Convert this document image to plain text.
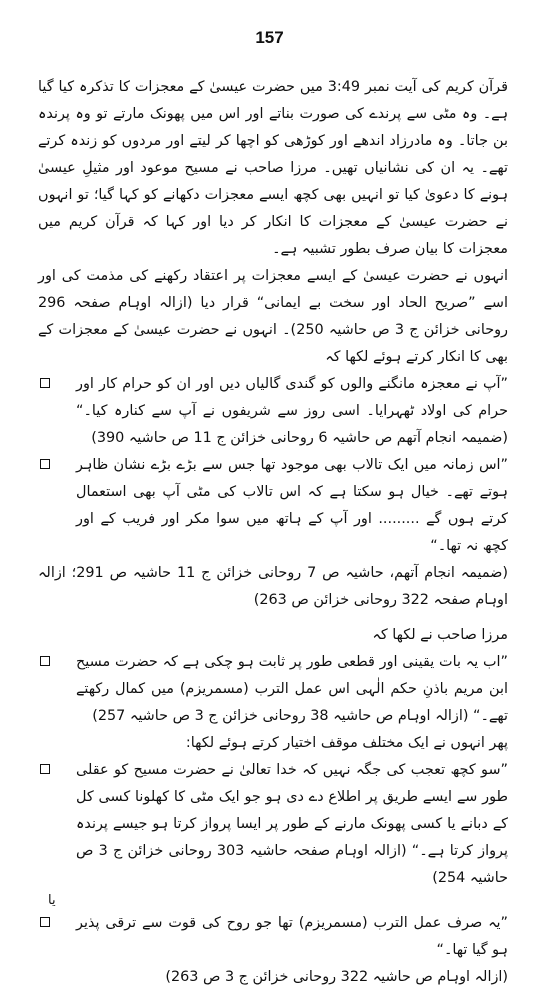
157

قرآن کریم کی آیت نمبر 3:49 میں حضرت عیسیٰ کے معجزات کا تذکرہ کیا گیا ہے۔ وہ مٹی سے پرندے کی صورت بناتے اور اس میں پھونک مارتے تو وہ پرندہ بن جاتا۔ وہ مادرزاد اندھے اور کوڑھی کو اچھا کر لیتے اور مردوں کو زندہ کرتے تھے۔ یہ ان کی نشانیاں تھیں۔ مرزا صاحب نے مسیح موعود اور مثیلِ عیسیٰ ہونے کا دعویٰ کیا تو انہیں بھی کچھ ایسے معجزات دکھانے کو کہا گیا؛ تو انہوں نے حضرت عیسیٰ کے معجزات کا انکار کر دیا اور کہا کہ قرآن کریم میں معجزات کا بیان صرف بطور تشبیہ ہے۔

انہوں نے حضرت عیسیٰ کے ایسے معجزات پر اعتقاد رکھنے کی مذمت کی اور اسے ”صریح الحاد اور سخت بے ایمانی“ قرار دیا (ازالہ اوہام صفحہ 296 روحانی خزائن ج 3 ص حاشیہ 250)۔ انہوں نے حضرت عیسیٰ کے معجزات کے بھی کا انکار کرتے ہوئے لکھا کہ

”آپ نے معجزہ مانگنے والوں کو گندی گالیاں دیں اور ان کو حرام کار اور حرام کی اولاد ٹھہرایا۔ اسی روز سے شریفوں نے آپ سے کنارہ کیا۔“ (ضمیمہ انجام آتھم ص حاشیہ 6 روحانی خزائن ج 11 ص حاشیہ 390)
”اس زمانہ میں ایک تالاب بھی موجود تھا جس سے بڑے بڑے نشان ظاہر ہوتے تھے۔ خیال ہو سکتا ہے کہ اس تالاب کی مٹی آپ بھی استعمال کرتے ہوں گے ......... اور آپ کے ہاتھ میں سوا مکر اور فریب کے اور کچھ نہ تھا۔“
(ضمیمہ انجام آتھم، حاشیہ ص 7 روحانی خزائن ج 11 حاشیہ ص 291؛ ازالہ اوہام صفحہ 322 روحانی خزائن ص 263)

مرزا صاحب نے لکھا کہ

”اب یہ بات یقینی اور قطعی طور پر ثابت ہو چکی ہے کہ حضرت مسیح ابن مریم باذنِ حکم الٰہی اس عمل الترب (مسمریزم) میں کمال رکھتے تھے۔“ (ازالہ اوہام ص حاشیہ 38 روحانی خزائن ج 3 ص حاشیہ 257)

پھر انہوں نے ایک مختلف موقف اختیار کرتے ہوئے لکھا:

”سو کچھ تعجب کی جگہ نہیں کہ خدا تعالیٰ نے حضرت مسیح کو عقلی طور سے ایسے طریق پر اطلاع دے دی ہو جو ایک مٹی کا کھلونا کسی کل کے دبانے یا کسی پھونک مارنے کے طور پر ایسا پرواز کرتا ہو جیسے پرندہ پرواز کرتا ہے۔“ (ازالہ اوہام صفحہ حاشیہ 303 روحانی خزائن ج 3 ص حاشیہ 254)
یا
”یہ صرف عمل الترب (مسمریزم) تھا جو روح کی قوت سے ترقی پذیر ہو گیا تھا۔“
(ازالہ اوہام ص حاشیہ 322 روحانی خزائن ج 3 ص 263)
